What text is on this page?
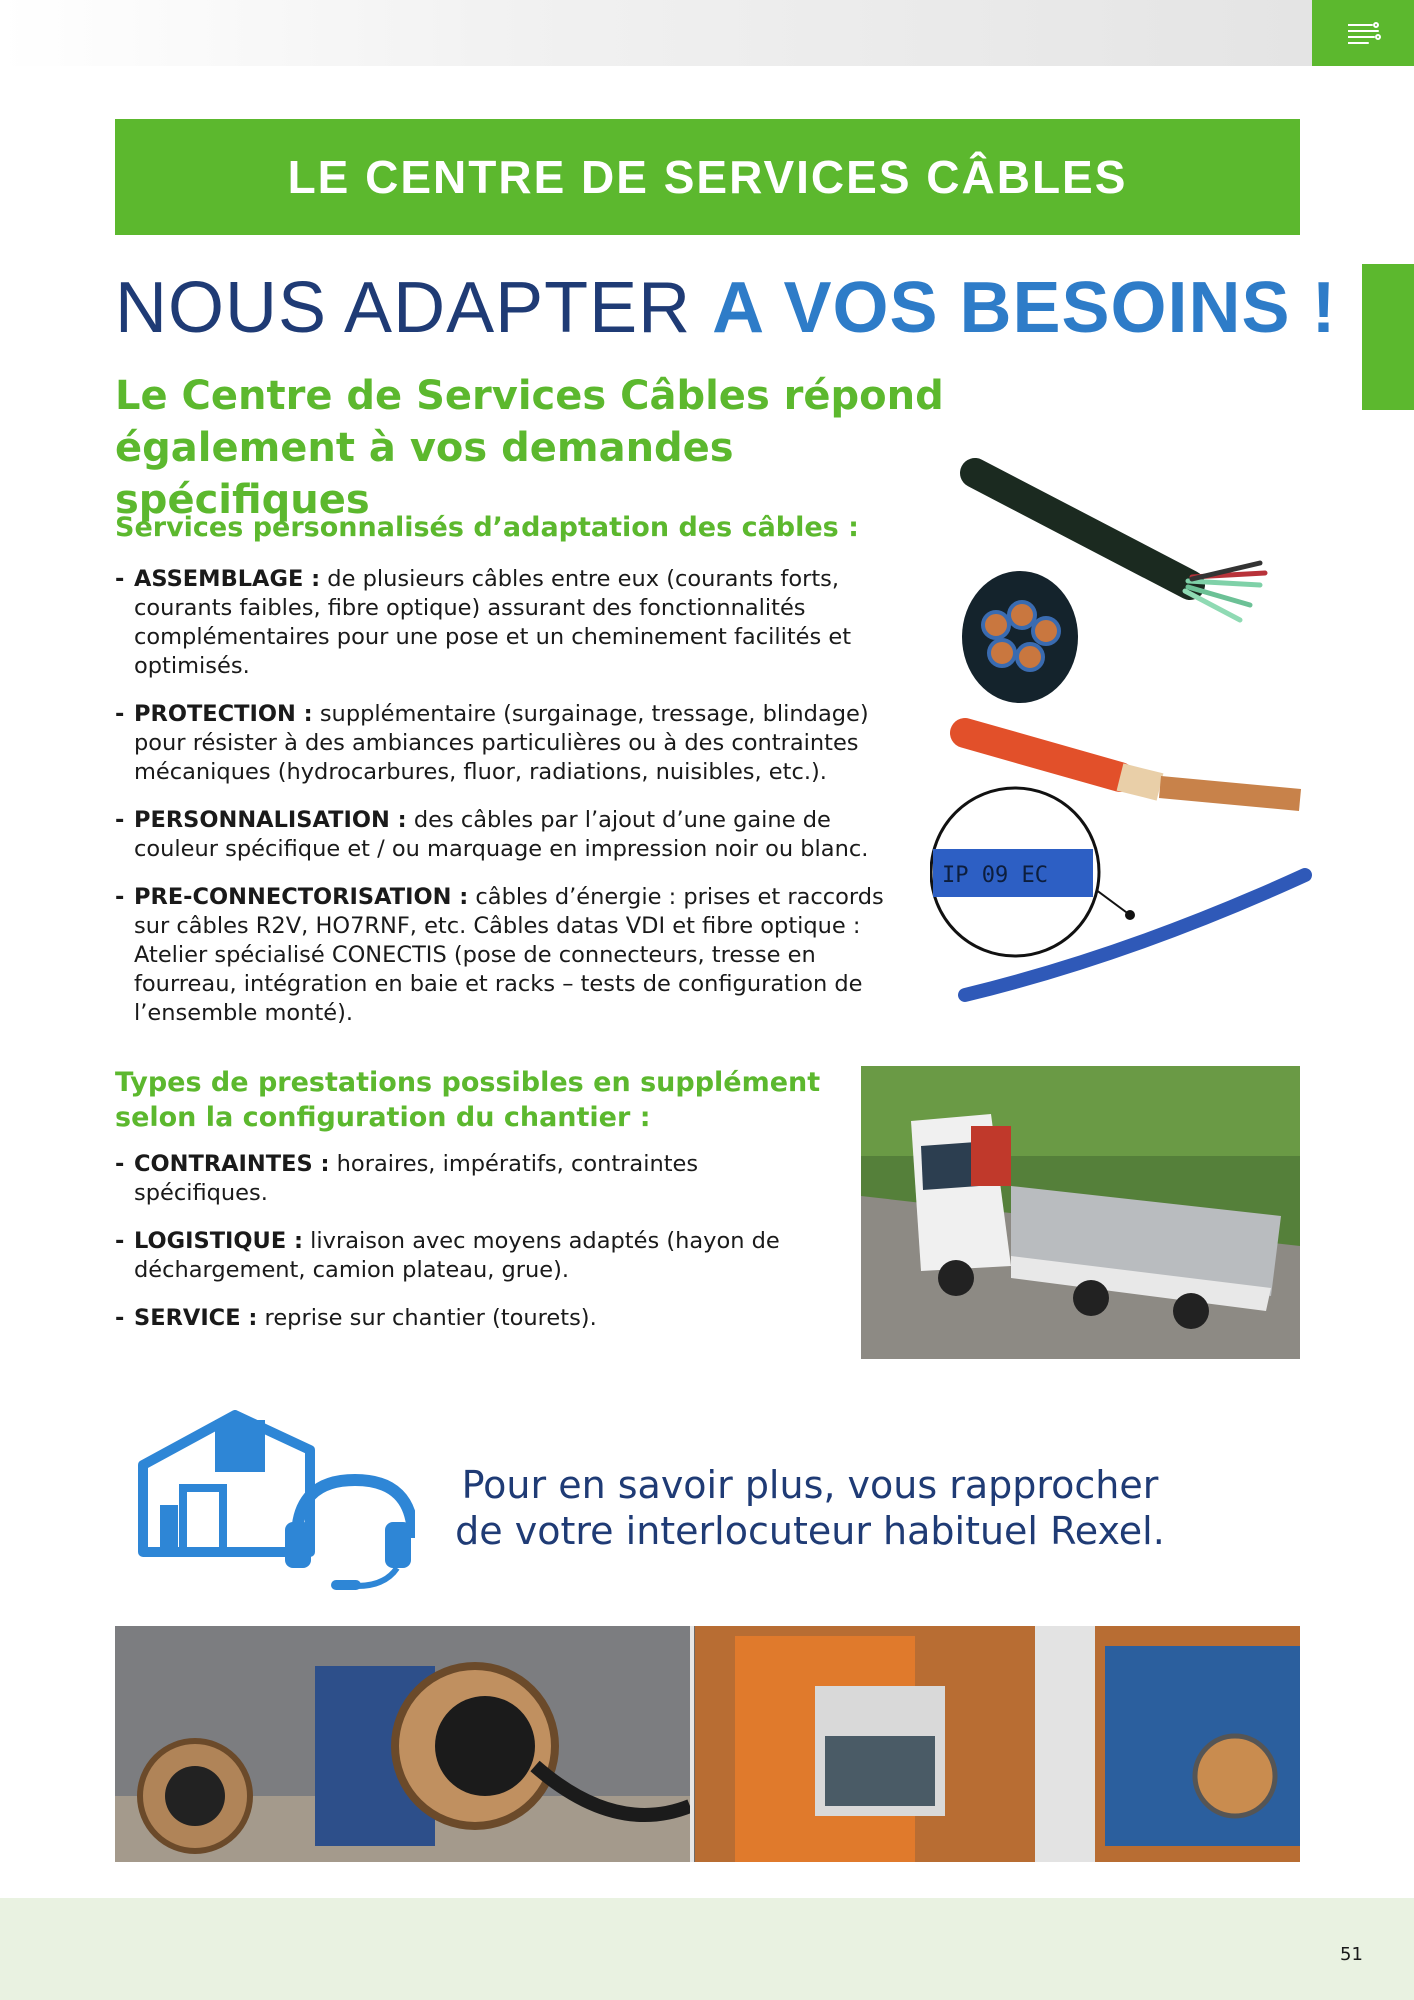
LE CENTRE DE SERVICES CÂBLES
NOUS ADAPTER A VOS BESOINS !
Le Centre de Services Câbles répond également à vos demandes spécifiques
Services personnalisés d’adaptation des câbles :
- ASSEMBLAGE : de plusieurs câbles entre eux (courants forts, courants faibles, fibre optique) assurant des fonctionnalités complémentaires pour une pose et un cheminement facilités et optimisés.
- PROTECTION : supplémentaire (surgainage, tressage, blindage) pour résister à des ambiances particulières ou à des contraintes mécaniques (hydrocarbures, fluor, radiations, nuisibles, etc.).
- PERSONNALISATION : des câbles par l’ajout d’une gaine de couleur spécifique et / ou marquage en impression noir ou blanc.
- PRE-CONNECTORISATION : câbles d’énergie : prises et raccords sur câbles R2V, HO7RNF, etc. Câbles datas VDI et fibre optique : Atelier spécialisé CONECTIS (pose de connecteurs, tresse en fourreau, intégration en baie et racks – tests de configuration de l’ensemble monté).
IP 09 EC
Types de prestations possibles en supplément selon la configuration du chantier :
- CONTRAINTES : horaires, impératifs, contraintes spécifiques.
- LOGISTIQUE : livraison avec moyens adaptés (hayon de déchargement, camion plateau, grue).
- SERVICE : reprise sur chantier (tourets).
Pour en savoir plus, vous rapprocher de votre interlocuteur habituel Rexel.
51
